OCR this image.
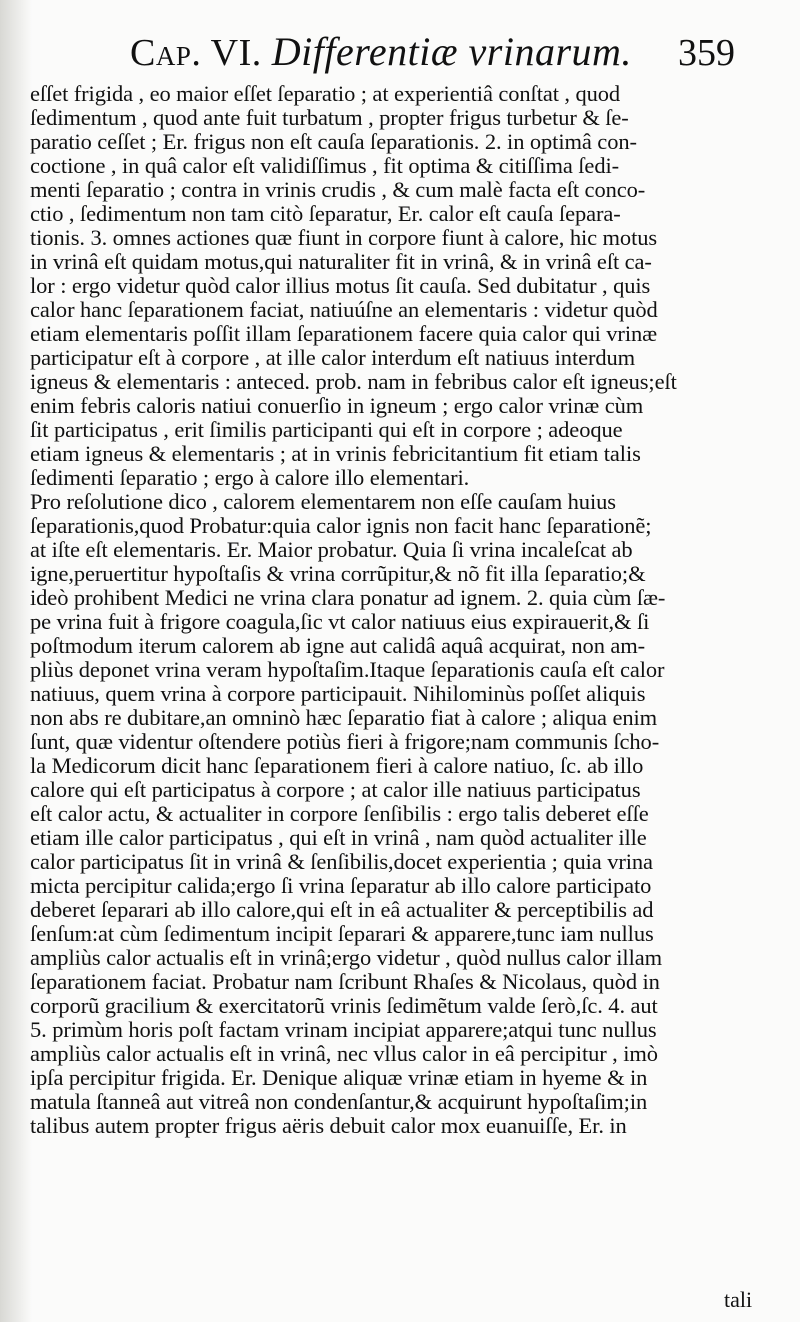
Cap. VI. Differentiæ vrinarum. 359
eſſet frigida , eo maior eſſet ſeparatio ; at experientiâ conſtat , quod
ſedimentum , quod ante fuit turbatum , propter frigus turbetur & ſe-
paratio ceſſet ; Er. frigus non eſt cauſa ſeparationis. 2. in optimâ con-
coctione , in quâ calor eſt validiſſimus , fit optima & citiſſima ſedi-
menti ſeparatio ; contra in vrinis crudis , & cum malè facta eſt conco-
ctio , ſedimentum non tam citò ſeparatur, Er. calor eſt cauſa ſepara-
tionis. 3. omnes actiones quæ fiunt in corpore fiunt à calore, hic motus
in vrinâ eſt quidam motus,qui naturaliter fit in vrinâ, & in vrinâ eſt ca-
lor : ergo videtur quòd calor illius motus ſit cauſa. Sed dubitatur , quis
calor hanc ſeparationem faciat, natiuúſne an elementaris : videtur quòd
etiam elementaris poſſit illam ſeparationem facere quia calor qui vrinæ
participatur eſt à corpore , at ille calor interdum eſt natiuus interdum
igneus & elementaris : anteced. prob. nam in febribus calor eſt igneus;eſt
enim febris caloris natiui conuerſio in igneum ; ergo calor vrinæ cùm
ſit participatus , erit ſimilis participanti qui eſt in corpore ; adeoque
etiam igneus & elementaris ; at in vrinis febricitantium fit etiam talis
ſedimenti ſeparatio ; ergo à calore illo elementari.
Pro reſolutione dico , calorem elementarem non eſſe cauſam huius
ſeparationis,quod Probatur:quia calor ignis non facit hanc ſeparationẽ;
at iſte eſt elementaris. Er. Maior probatur. Quia ſi vrina incaleſcat ab
igne,peruertitur hypoſtaſis & vrina corrũpitur,& nõ fit illa ſeparatio;&
ideò prohibent Medici ne vrina clara ponatur ad ignem. 2. quia cùm ſæ-
pe vrina fuit à frigore coagula,ſic vt calor natiuus eius expirauerit,& ſi
poſtmodum iterum calorem ab igne aut calidâ aquâ acquirat, non am-
pliùs deponet vrina veram hypoſtaſim.Itaque ſeparationis cauſa eſt calor
natiuus, quem vrina à corpore participauit. Nihilominùs poſſet aliquis
non abs re dubitare,an omninò hæc ſeparatio fiat à calore ; aliqua enim
ſunt, quæ videntur oſtendere potiùs fieri à frigore;nam communis ſcho-
la Medicorum dicit hanc ſeparationem fieri à calore natiuo, ſc. ab illo
calore qui eſt participatus à corpore ; at calor ille natiuus participatus
eſt calor actu, & actualiter in corpore ſenſibilis : ergo talis deberet eſſe
etiam ille calor participatus , qui eſt in vrinâ , nam quòd actualiter ille
calor participatus ſit in vrinâ & ſenſibilis,docet experientia ; quia vrina
micta percipitur calida;ergo ſi vrina ſeparatur ab illo calore participato
deberet ſeparari ab illo calore,qui eſt in eâ actualiter & perceptibilis ad
ſenſum:at cùm ſedimentum incipit ſeparari & apparere,tunc iam nullus
ampliùs calor actualis eſt in vrinâ;ergo videtur , quòd nullus calor illam
ſeparationem faciat. Probatur nam ſcribunt Rhaſes & Nicolaus, quòd in
corporũ gracilium & exercitatorũ vrinis ſedimẽtum valde ſerò,ſc. 4. aut
5. primùm horis poſt factam vrinam incipiat apparere;atqui tunc nullus
ampliùs calor actualis eſt in vrinâ, nec vllus calor in eâ percipitur , imò
ipſa percipitur frigida. Er. Denique aliquæ vrinæ etiam in hyeme & in
matula ſtanneâ aut vitreâ non condenſantur,& acquirunt hypoſtaſim;in
talibus autem propter frigus aëris debuit calor mox euanuiſſe, Er. in
tali
